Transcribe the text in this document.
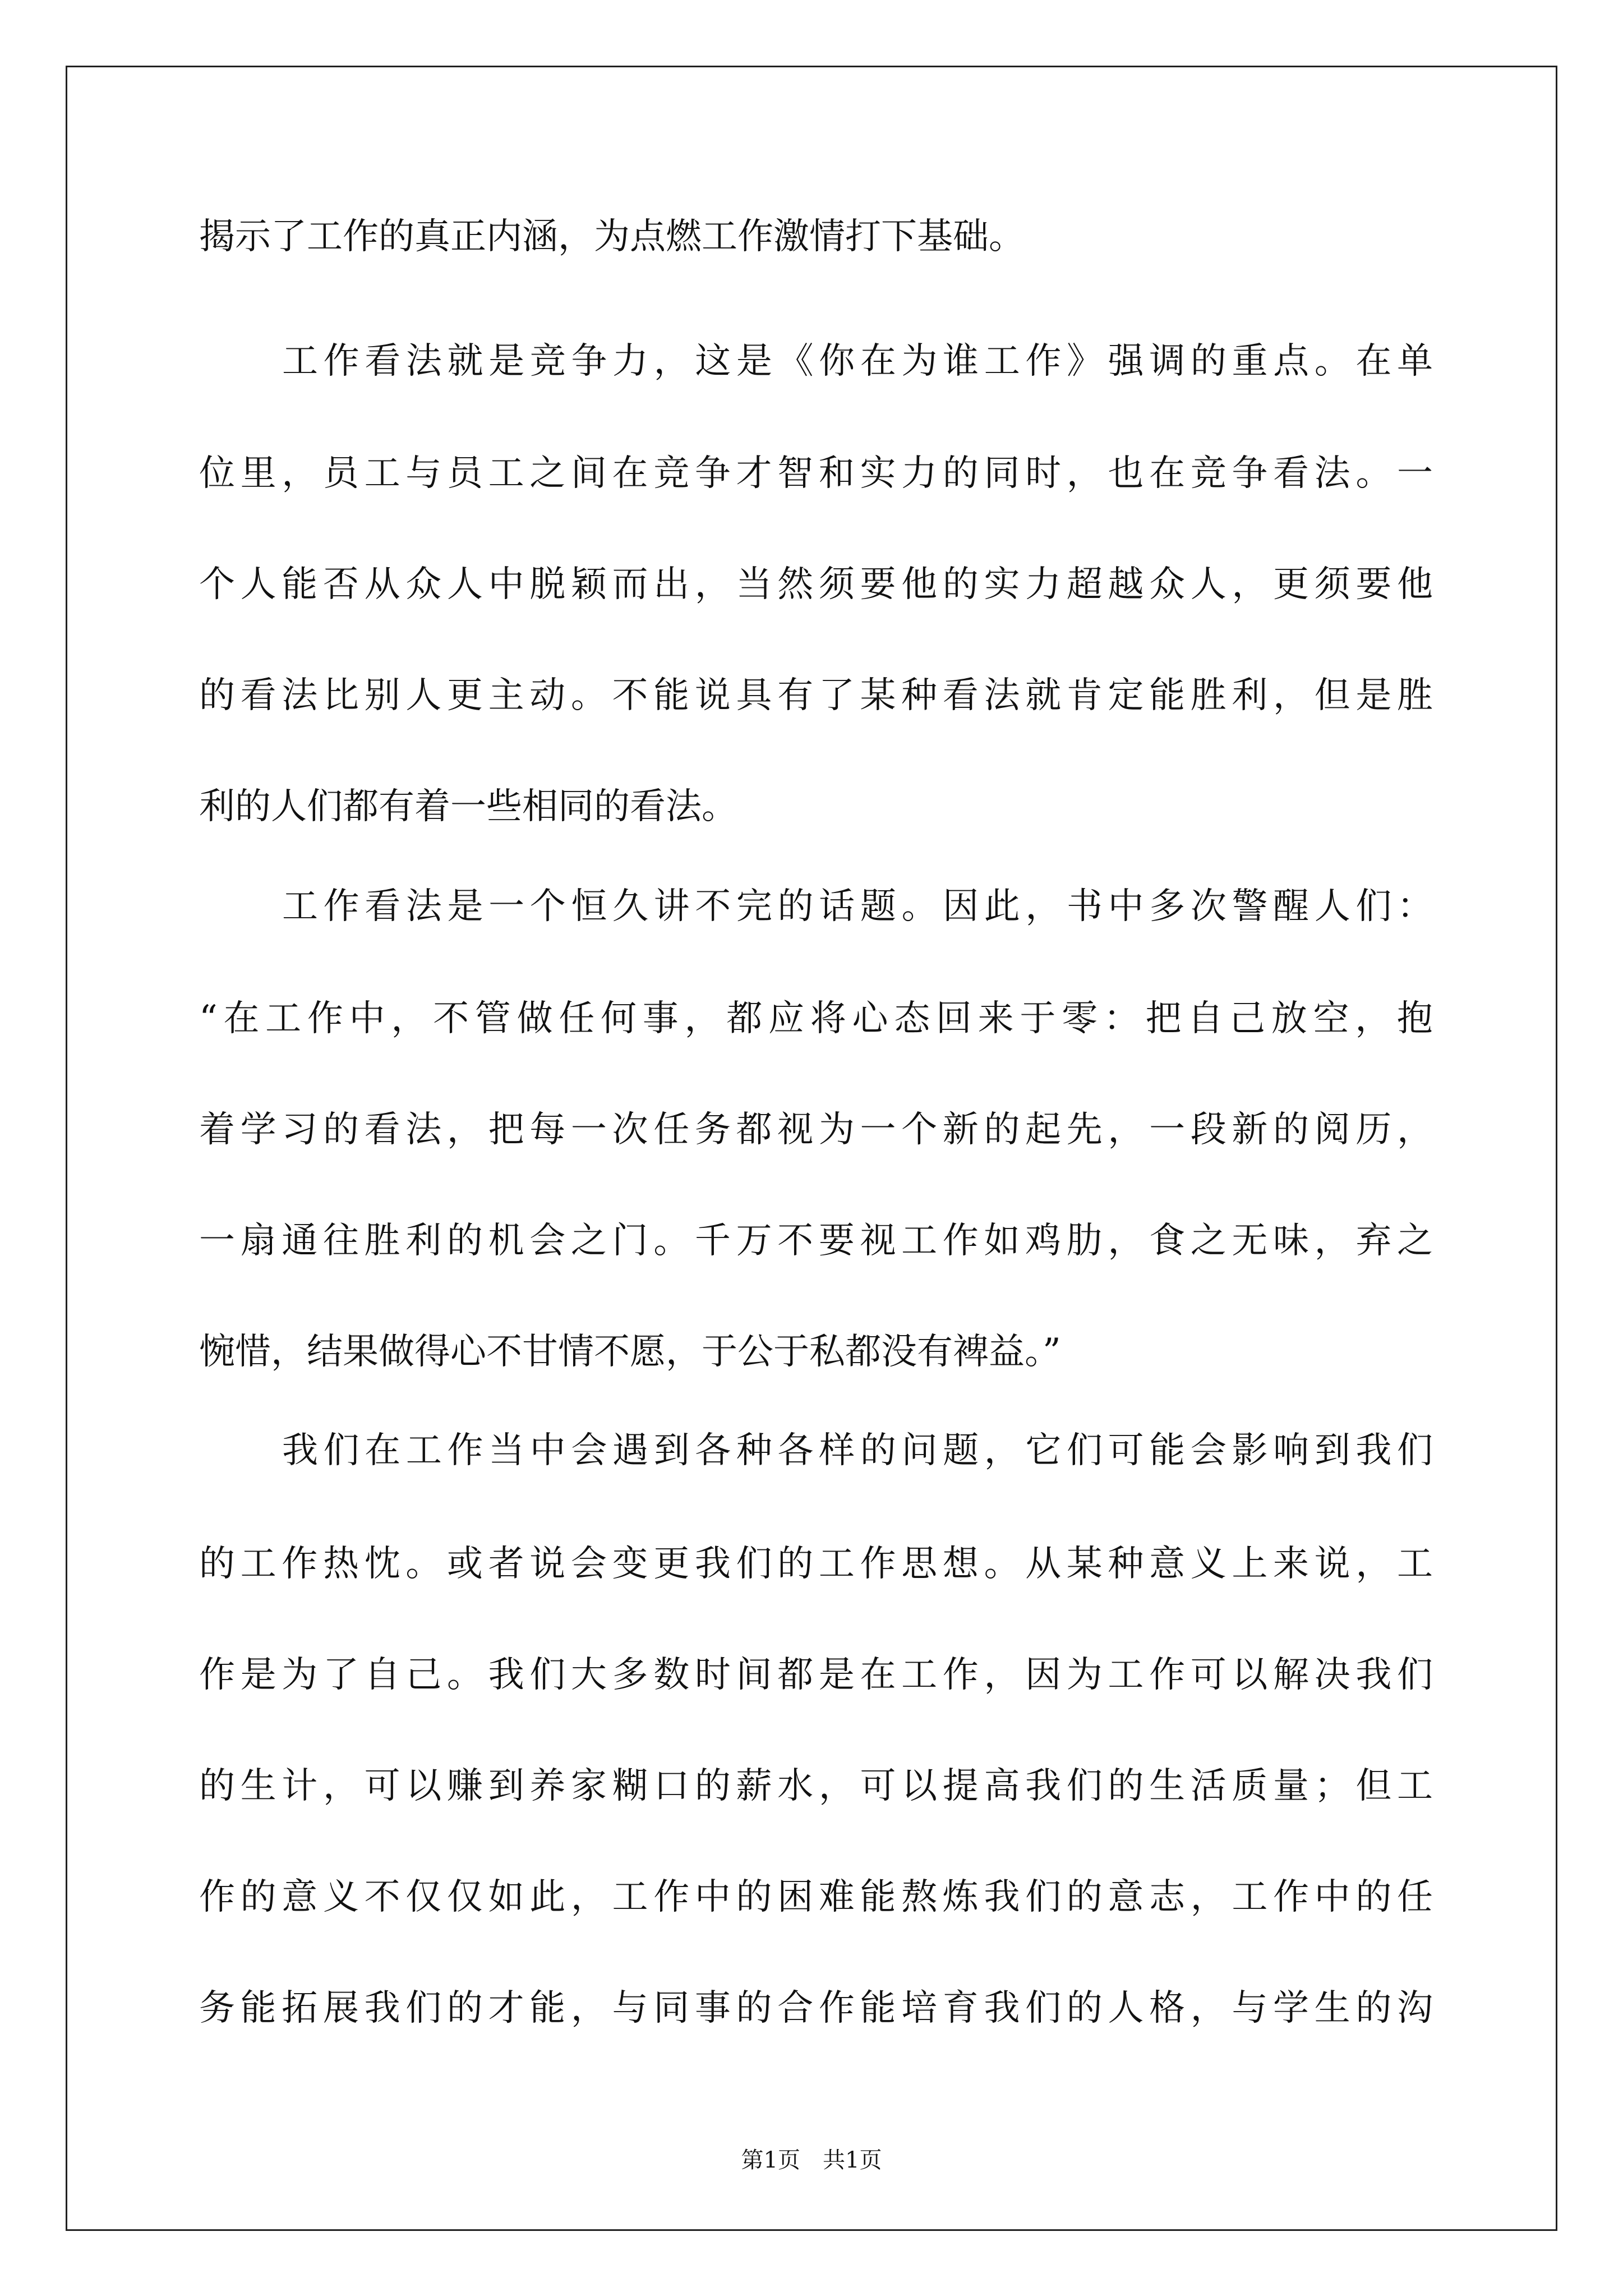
揭示了工作的真正内涵，为点燃工作激情打下基础。
工作看法就是竞争力，这是《你在为谁工作》强调的重点。在单
位里，员工与员工之间在竞争才智和实力的同时，也在竞争看法。一
个人能否从众人中脱颖而出，当然须要他的实力超越众人，更须要他
的看法比别人更主动。不能说具有了某种看法就肯定能胜利，但是胜
利的人们都有着一些相同的看法。
工作看法是一个恒久讲不完的话题。因此，书中多次警醒人们：
“在工作中，不管做任何事，都应将心态回来于零：把自己放空，抱
着学习的看法，把每一次任务都视为一个新的起先，一段新的阅历，
一扇通往胜利的机会之门。千万不要视工作如鸡肋，食之无味，弃之
惋惜，结果做得心不甘情不愿，于公于私都没有裨益。”
我们在工作当中会遇到各种各样的问题，它们可能会影响到我们
的工作热忱。或者说会变更我们的工作思想。从某种意义上来说，工
作是为了自己。我们大多数时间都是在工作，因为工作可以解决我们
的生计，可以赚到养家糊口的薪水，可以提高我们的生活质量；但工
作的意义不仅仅如此，工作中的困难能熬炼我们的意志，工作中的任
务能拓展我们的才能，与同事的合作能培育我们的人格，与学生的沟
第1页　共1页
